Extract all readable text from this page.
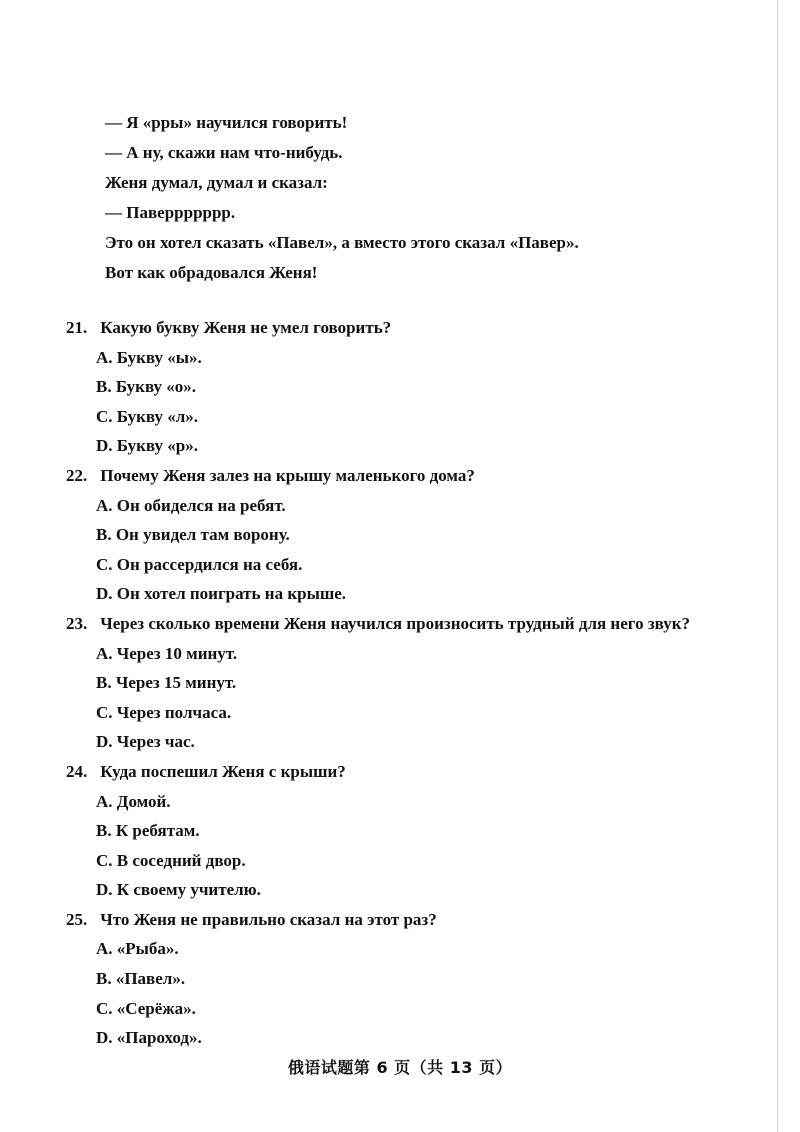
— Я «рры» научился говорить!
— А ну, скажи нам что-нибудь.
Женя думал, думал и сказал:
— Паверрррррр.
Это он хотел сказать «Павел», а вместо этого сказал «Павер».
Вот как обрадовался Женя!
21. Какую букву Женя не умел говорить?
A. Букву «ы».
B. Букву «о».
C. Букву «л».
D. Букву «р».
22. Почему Женя залез на крышу маленького дома?
A. Он обиделся на ребят.
B. Он увидел там ворону.
C. Он рассердился на себя.
D. Он хотел поиграть на крыше.
23. Через сколько времени Женя научился произносить трудный для него звук?
A. Через 10 минут.
B. Через 15 минут.
C. Через полчаса.
D. Через час.
24. Куда поспешил Женя с крыши?
A. Домой.
B. К ребятам.
C. В соседний двор.
D. К своему учителю.
25. Что Женя не правильно сказал на этот раз?
A. «Рыба».
B. «Павел».
C. «Серёжа».
D. «Пароход».
俄语试题第 6 页（共 13 页）
